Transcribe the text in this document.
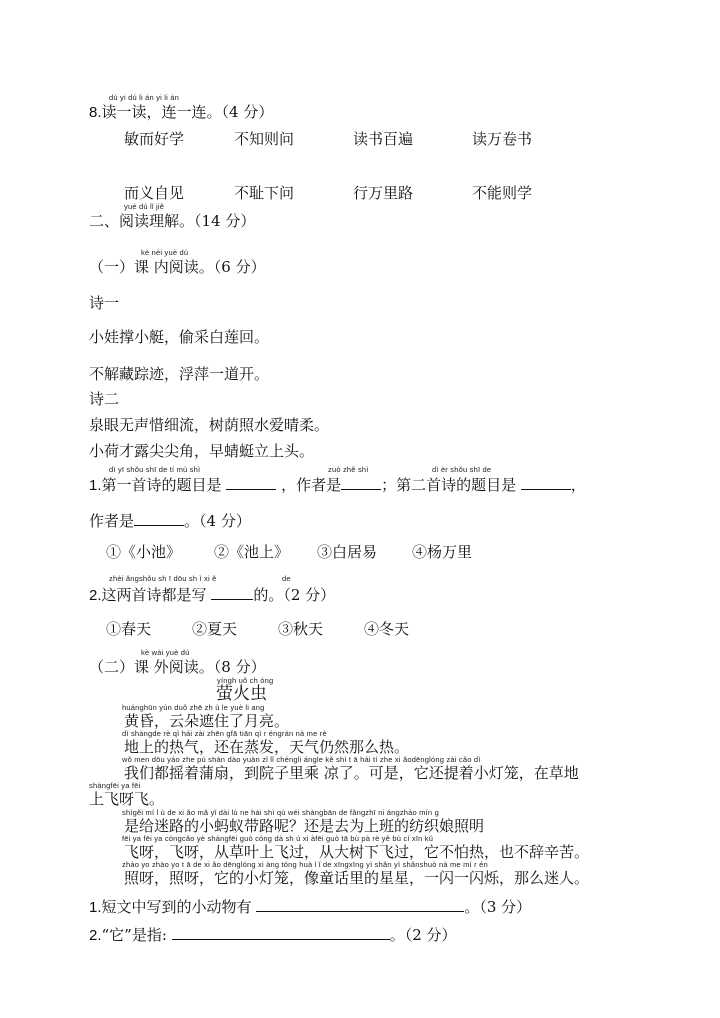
dú yi dú li án yi li án
8.读一读，连一连。（4 分）
敏而好学	不知则问	读书百遍	读万卷书
而义自见	不耻下问	行万里路	不能则学
yuè dú lǐ jiě
二、阅读理解。（14 分）
kè nèi yuè dú
（一）课 内阅读。（6 分）
诗一
小娃撑小艇，偷采白莲回。
不解藏踪迹，浮萍一道开。
诗二
泉眼无声惜细流，树荫照水爱晴柔。
小荷才露尖尖角，早蜻蜓立上头。
dì yī shǒu shī de tí mù shì	zuò zhě shì	dì èr shǒu shī de
1.第一首诗的题目是	，作者是	；第二首诗的题目是	，
作者是	。（4 分）
①《小池》 ②《池上》 ③白居易 ④杨万里
zhèi ǎngshǒu sh ī dōu sh ì xi ě	de
2.这两首诗都是写	的。（2 分）
①春天	②夏天	③秋天	④冬天
kè wài yuè dú
（二）课 外阅读。（8 分）
yíngh uǒ ch óng
萤火虫
huánghūn yún duǒ zhē zh ù le yuè li ang
黄昏，云朵遮住了月亮。
dì shàngde rè qì hái zài zhēn gfā tiān qì r éngrán nà me rè
地上的热气，还在蒸发，天气仍然那么热。
wǒ men dōu yáo zhe pú shàn dào yuàn zǐ lǐ chéngli ángle kě shì t ā hái tí zhe xi ǎodēnglóng zài cǎo dì
我们都摇着蒲扇，到院子里乘 凉了。可是，它还提着小灯笼，在草地
shàngfēi ya fēi
上飞呀飞。
shìgěi mí l ù de xi ǎo mǎ yǐ dài lù ne hái shì qù wéi shàngbān de fǎngzhī ni ángzhào mín g
是给迷路的小蚂蚁带路呢？还是去为上班的纺织娘照明
fēi ya fēi ya cóngcǎo yè shàngfēi guò cóng dà sh ù xi àfēi guò tā bù pà rè yě bù cí xīn kǔ
飞呀，飞呀，从草叶上飞过，从大树下飞过，它不怕热，也不辞辛苦。
zhào yo zhào yo t ā de xi ǎo dēnglóng xi àng tóng huà l ǐ de xīngxīng yì shǎn yì shǎnshuò nà me mí r én
照呀，照呀，它的小灯笼，像童话里的星星，一闪一闪烁，那么迷人。
1.短文中写到的小动物有	。（3 分）
2.“它”是指:	。（2 分）
